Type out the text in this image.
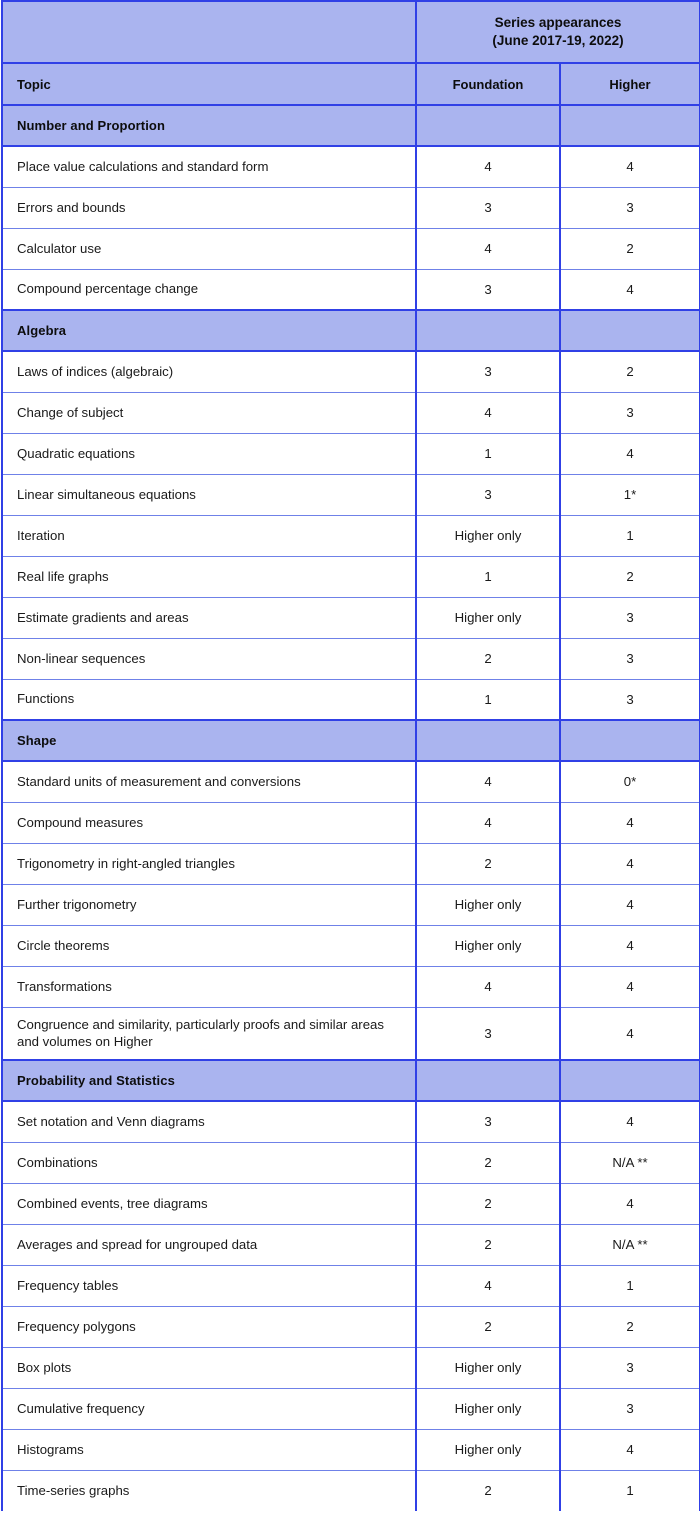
	Series appearances
(June 2017-19, 2022)	

Topic	Foundation	Higher
Number and Proportion		
Place value calculations and standard form	4	4
Errors and bounds	3	3
Calculator use	4	2
Compound percentage change	3	4
Algebra		
Laws of indices (algebraic)	3	2
Change of subject	4	3
Quadratic equations	1	4
Linear simultaneous equations	3	1*
Iteration	Higher only	1
Real life graphs	1	2
Estimate gradients and areas	Higher only	3
Non-linear sequences	2	3
Functions	1	3
Shape		
Standard units of measurement and conversions	4	0*
Compound measures	4	4
Trigonometry in right-angled triangles	2	4
Further trigonometry	Higher only	4
Circle theorems	Higher only	4
Transformations	4	4
Congruence and similarity, particularly proofs and similar areas and volumes on Higher	3	4
Probability and Statistics		
Set notation and Venn diagrams	3	4
Combinations	2	N/A **
Combined events, tree diagrams	2	4
Averages and spread for ungrouped data	2	N/A **
Frequency tables	4	1
Frequency polygons	2	2
Box plots	Higher only	3
Cumulative frequency	Higher only	3
Histograms	Higher only	4
Time-series graphs	2	1
